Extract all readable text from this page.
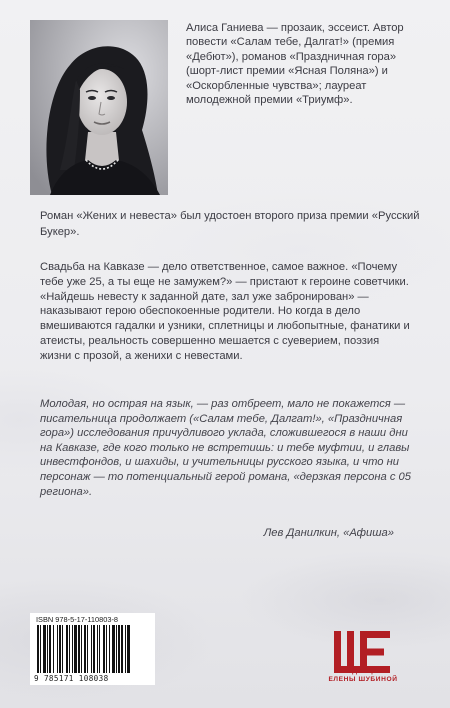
Алиса Ганиева — прозаик, эссеист. Автор повести «Салам тебе, Далгат!» (премия «Дебют»), романов «Праздничная гора» (шорт-лист премии «Ясная Поляна») и «Оскорбленные чувства»; лауреат молодежной премии «Триумф».

Роман «Жених и невеста» был удостоен второго приза премии «Русский Букер».

Свадьба на Кавказе — дело ответственное, самое важное. «Почему тебе уже 25, а ты еще не замужем?» — пристают к героине советчики. «Найдешь невесту к заданной дате, зал уже забронирован» — наказывают герою обеспокоенные родители. Но когда в дело вмешиваются гадалки и узники, сплетницы и любопытные, фанатики и атеисты, реальность совершенно мешается с суеверием, поэзия жизни с прозой, а женихи с невестами.

Молодая, но острая на язык, — раз отбреет, мало не покажется — писательница продолжает («Салам тебе, Далгат!», «Праздничная гора») исследования причудливого уклада, сложившегося в наши дни на Кавказе, где кого только не встретишь: и тебе муфтии, и главы инвестфондов, и шахиды, и учительницы русского языка, и что ни персонаж — то потенциальный герой романа, «дерзкая персона с 05 региона».

Лев Данилкин, «Афиша»

ISBN 978-5-17-110803-8
9 785171 108038
РЕДАКЦИЯ
ЕЛЕНЫ ШУБИНОЙ
